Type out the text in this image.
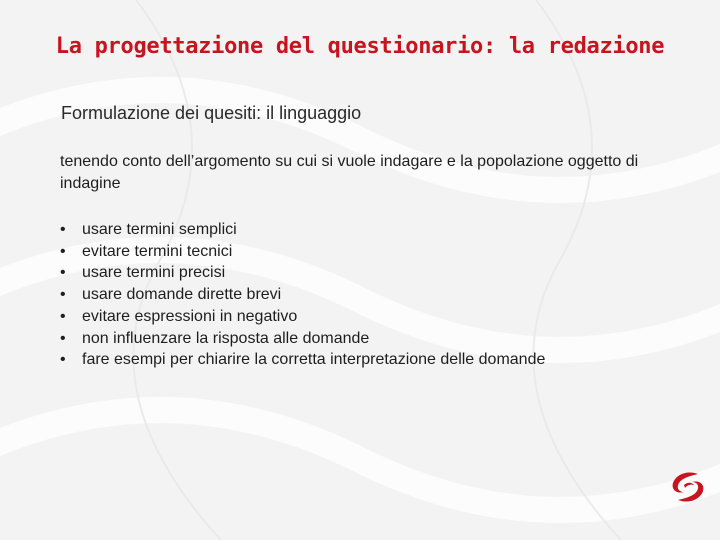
La progettazione del questionario: la redazione
Formulazione dei quesiti: il linguaggio
tenendo conto dell’argomento su cui si vuole indagare e la popolazione oggetto di indagine
• usare termini semplici
• evitare termini tecnici
• usare termini precisi
• usare domande dirette brevi
• evitare espressioni in negativo
• non influenzare la risposta alle domande
• fare esempi per chiarire la corretta interpretazione delle domande
